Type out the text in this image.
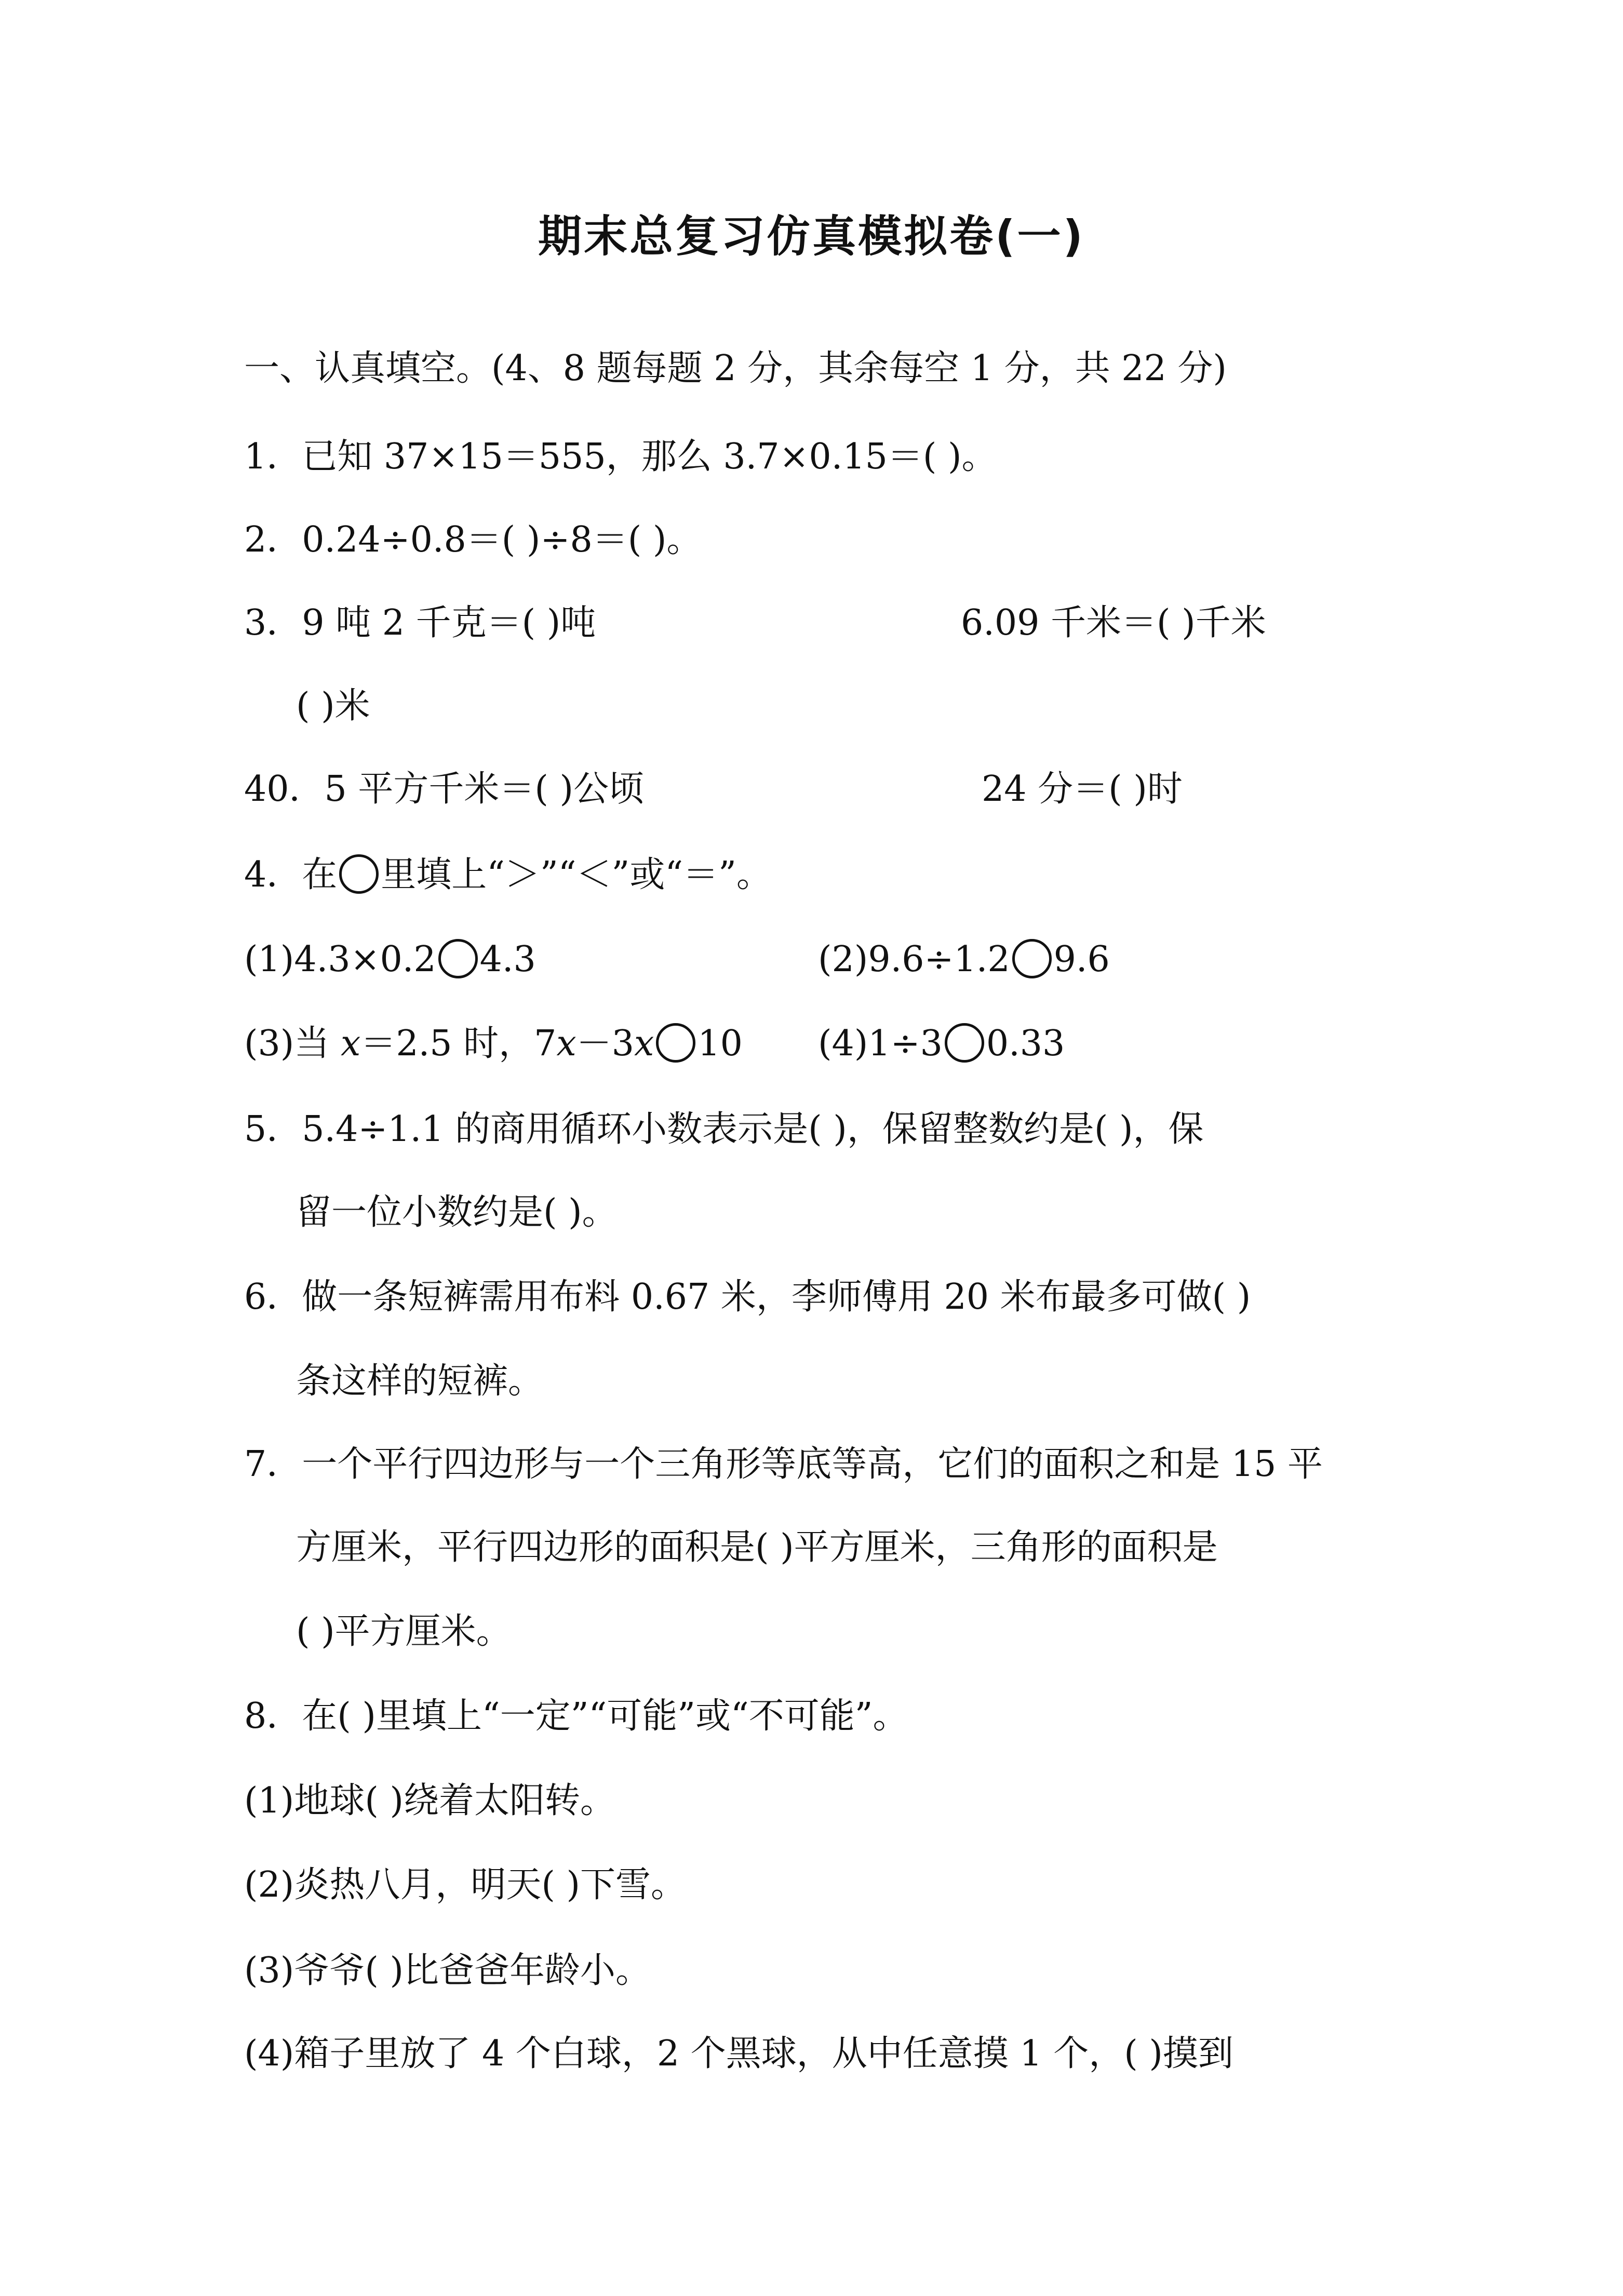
期末总复习仿真模拟卷(一)
一、认真填空。(4、8 题每题 2 分，其余每空 1 分，共 22 分)
1．已知 37×15＝555，那么 3.7×0.15＝( )。
2．0.24÷0.8＝( )÷8＝( )。
3．9 吨 2 千克＝( )吨	6.09 千米＝( )千米
( )米
40．5 平方千米＝( )公顷	24 分＝( )时
4．在 里填上“＞”“＜”或“＝”。
(1)4.3×0.2 4.3	(2)9.6÷1.2 9.6
(3)当 x＝2.5 时，7x－3x 10 (4)1÷3 0.33
5．5.4÷1.1 的商用循环小数表示是( )，保留整数约是( )，保
留一位小数约是( )。
6．做一条短裤需用布料 0.67 米，李师傅用 20 米布最多可做( )
条这样的短裤。
7．一个平行四边形与一个三角形等底等高，它们的面积之和是 15 平
方厘米，平行四边形的面积是( )平方厘米，三角形的面积是
( )平方厘米。
8．在( )里填上“一定”“可能”或“不可能”。
(1)地球( )绕着太阳转。
(2)炎热八月，明天( )下雪。
(3)爷爷( )比爸爸年龄小。
(4)箱子里放了 4 个白球，2 个黑球，从中任意摸 1 个，( )摸到
